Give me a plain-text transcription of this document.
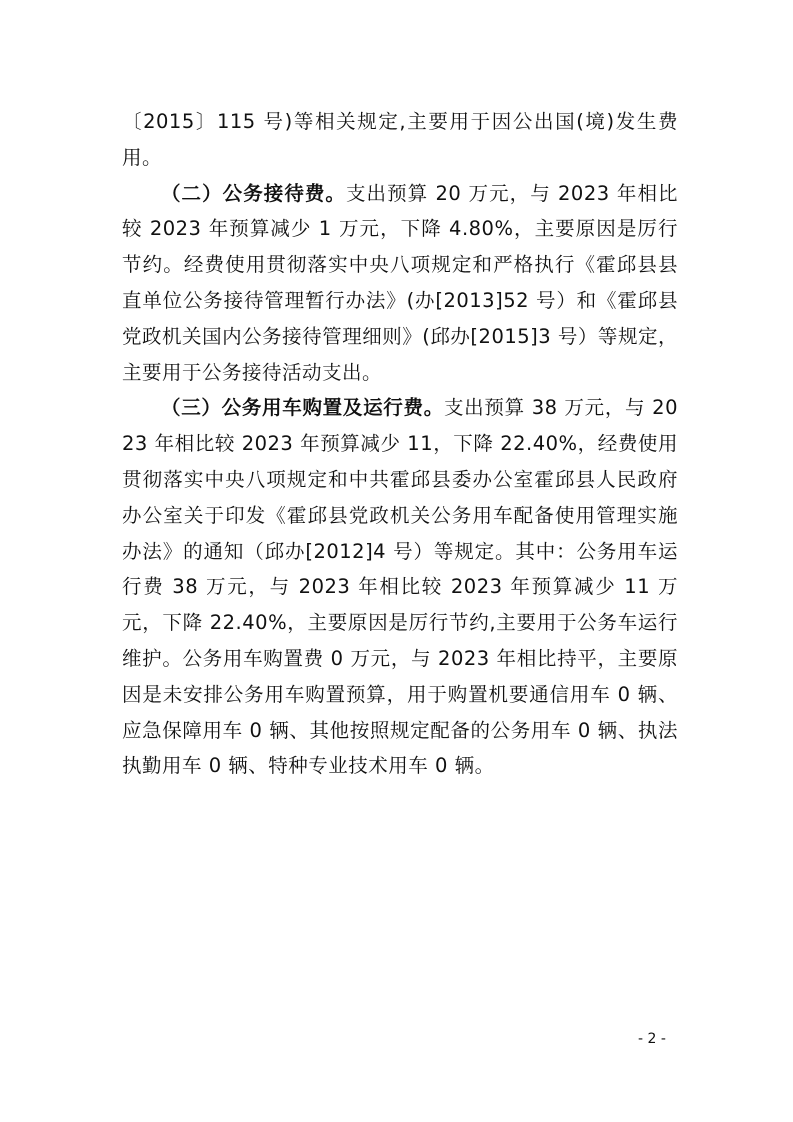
〔2015〕115 号)等相关规定,主要用于因公出国(境)发生费用。

（二）公务接待费。支出预算 20 万元，与 2023 年相比较 2023 年预算减少 1 万元，下降 4.80%，主要原因是厉行节约。经费使用贯彻落实中央八项规定和严格执行《霍邱县县直单位公务接待管理暂行办法》(办[2013]52 号）和《霍邱县党政机关国内公务接待管理细则》(邱办[2015]3 号）等规定，主要用于公务接待活动支出。

（三）公务用车购置及运行费。支出预算 38 万元，与 2023 年相比较 2023 年预算减少 11，下降 22.40%，经费使用贯彻落实中央八项规定和中共霍邱县委办公室霍邱县人民政府办公室关于印发《霍邱县党政机关公务用车配备使用管理实施办法》的通知（邱办[2012]4 号）等规定。其中：公务用车运行费 38 万元，与 2023 年相比较 2023 年预算减少 11 万元，下降 22.40%，主要原因是厉行节约,主要用于公务车运行维护。公务用车购置费 0 万元，与 2023 年相比持平，主要原因是未安排公务用车购置预算，用于购置机要通信用车 0 辆、应急保障用车 0 辆、其他按照规定配备的公务用车 0 辆、执法执勤用车 0 辆、特种专业技术用车 0 辆。

- 2 -
